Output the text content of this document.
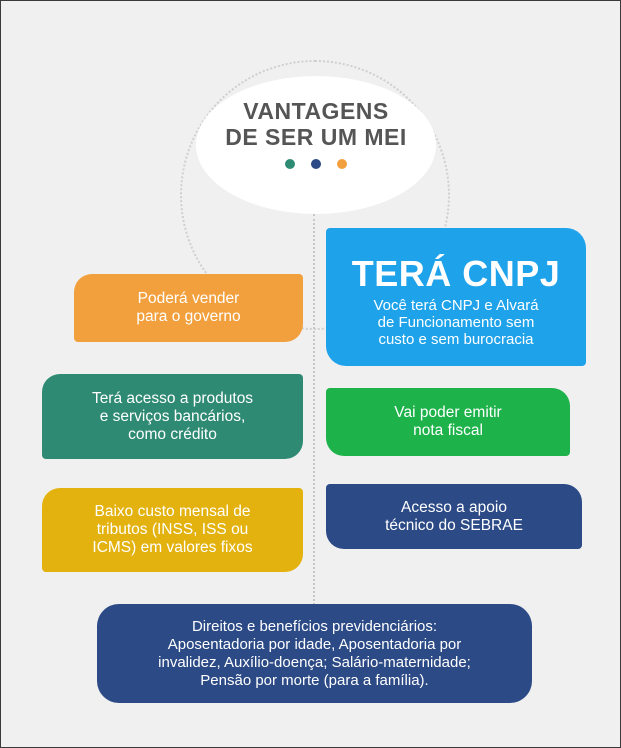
VANTAGENS
DE SER UM MEI

Poderá vender
para o governo
Terá acesso a produtos
e serviços bancários,
como crédito
Baixo custo mensal de
tributos (INSS, ISS ou
ICMS) em valores fixos
TERÁ CNPJ
Você terá CNPJ e Alvará
de Funcionamento sem
custo e sem burocracia
Vai poder emitir
nota fiscal
Acesso a apoio
técnico do SEBRAE
Direitos e benefícios previdenciários:
Aposentadoria por idade, Aposentadoria por
invalidez, Auxílio-doença; Salário-maternidade;
Pensão por morte (para a família).
